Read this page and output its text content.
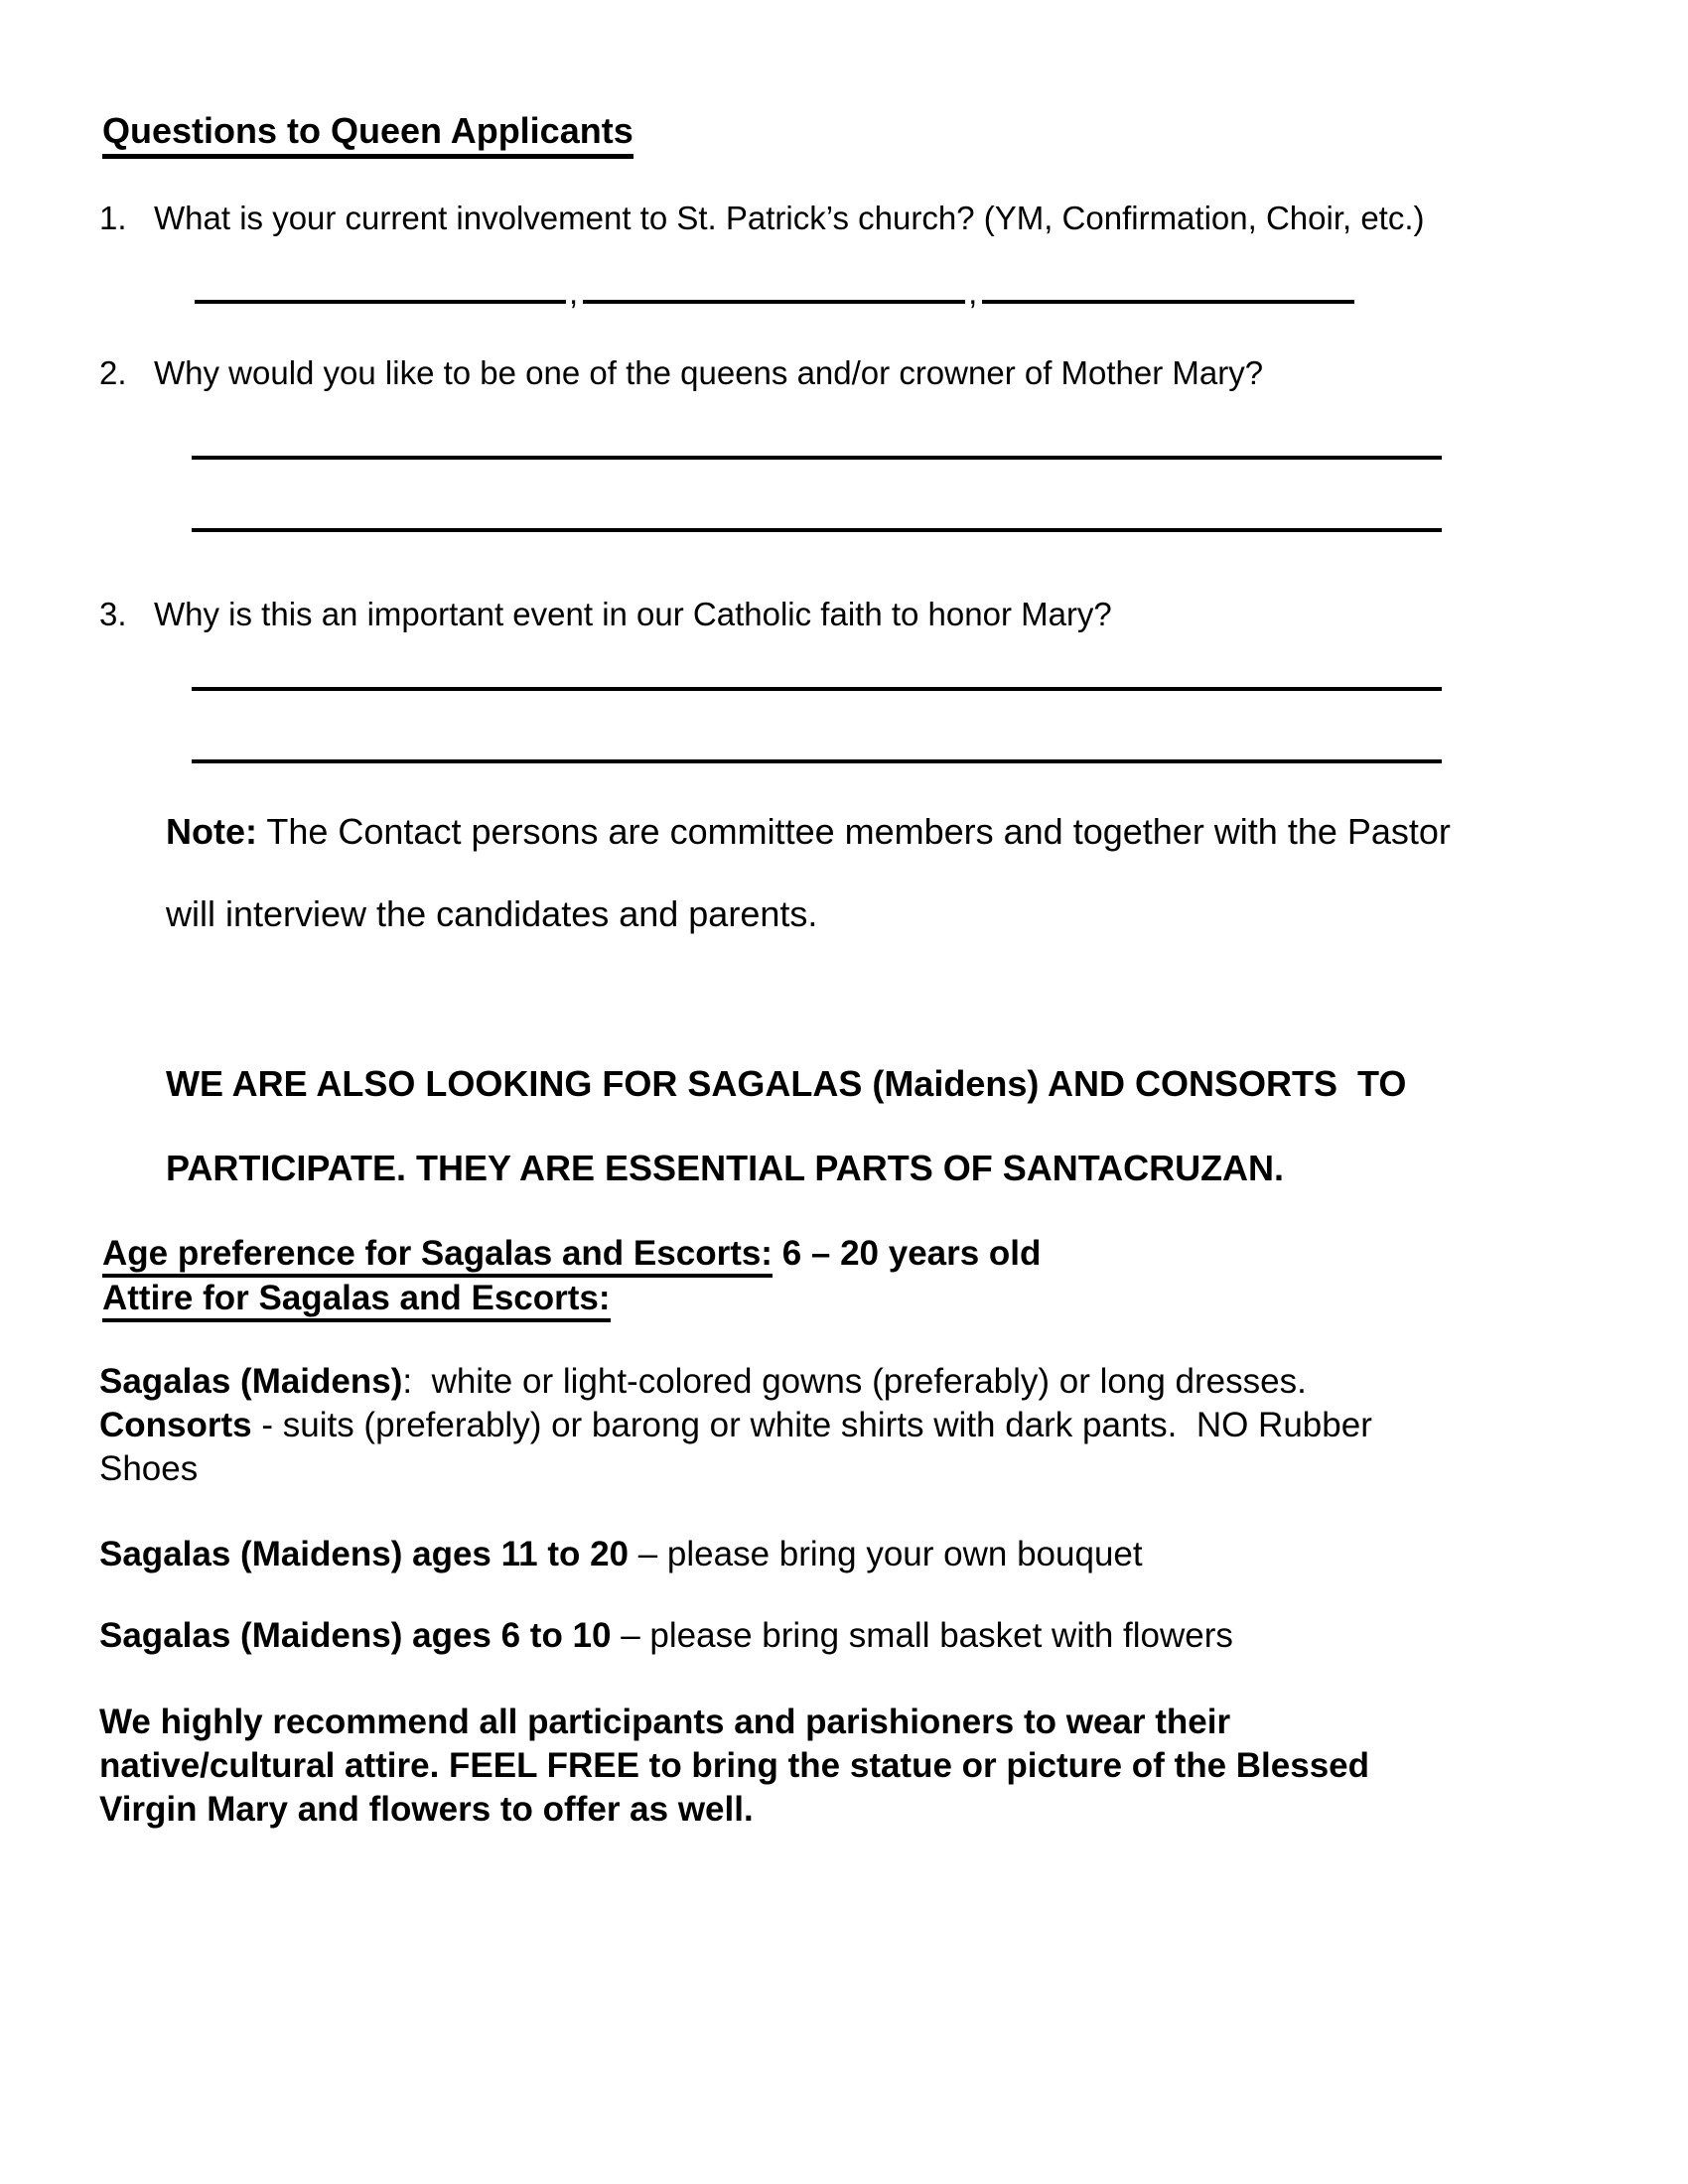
Questions to Queen Applicants
1. What is your current involvement to St. Patrick’s church? (YM, Confirmation, Choir, etc.)
,	,
2. Why would you like to be one of the queens and/or crowner of Mother Mary?
3. Why is this an important event in our Catholic faith to honor Mary?
Note: The Contact persons are committee members and together with the Pastor
will interview the candidates and parents.
WE ARE ALSO LOOKING FOR SAGALAS (Maidens) AND CONSORTS  TO
PARTICIPATE. THEY ARE ESSENTIAL PARTS OF SANTACRUZAN.
Age preference for Sagalas and Escorts: 6 – 20 years old
Attire for Sagalas and Escorts:
Sagalas (Maidens):  white or light-colored gowns (preferably) or long dresses.
Consorts - suits (preferably) or barong or white shirts with dark pants.  NO Rubber
Shoes
Sagalas (Maidens) ages 11 to 20 – please bring your own bouquet
Sagalas (Maidens) ages 6 to 10 – please bring small basket with flowers
We highly recommend all participants and parishioners to wear their
native/cultural attire. FEEL FREE to bring the statue or picture of the Blessed
Virgin Mary and flowers to offer as well.
